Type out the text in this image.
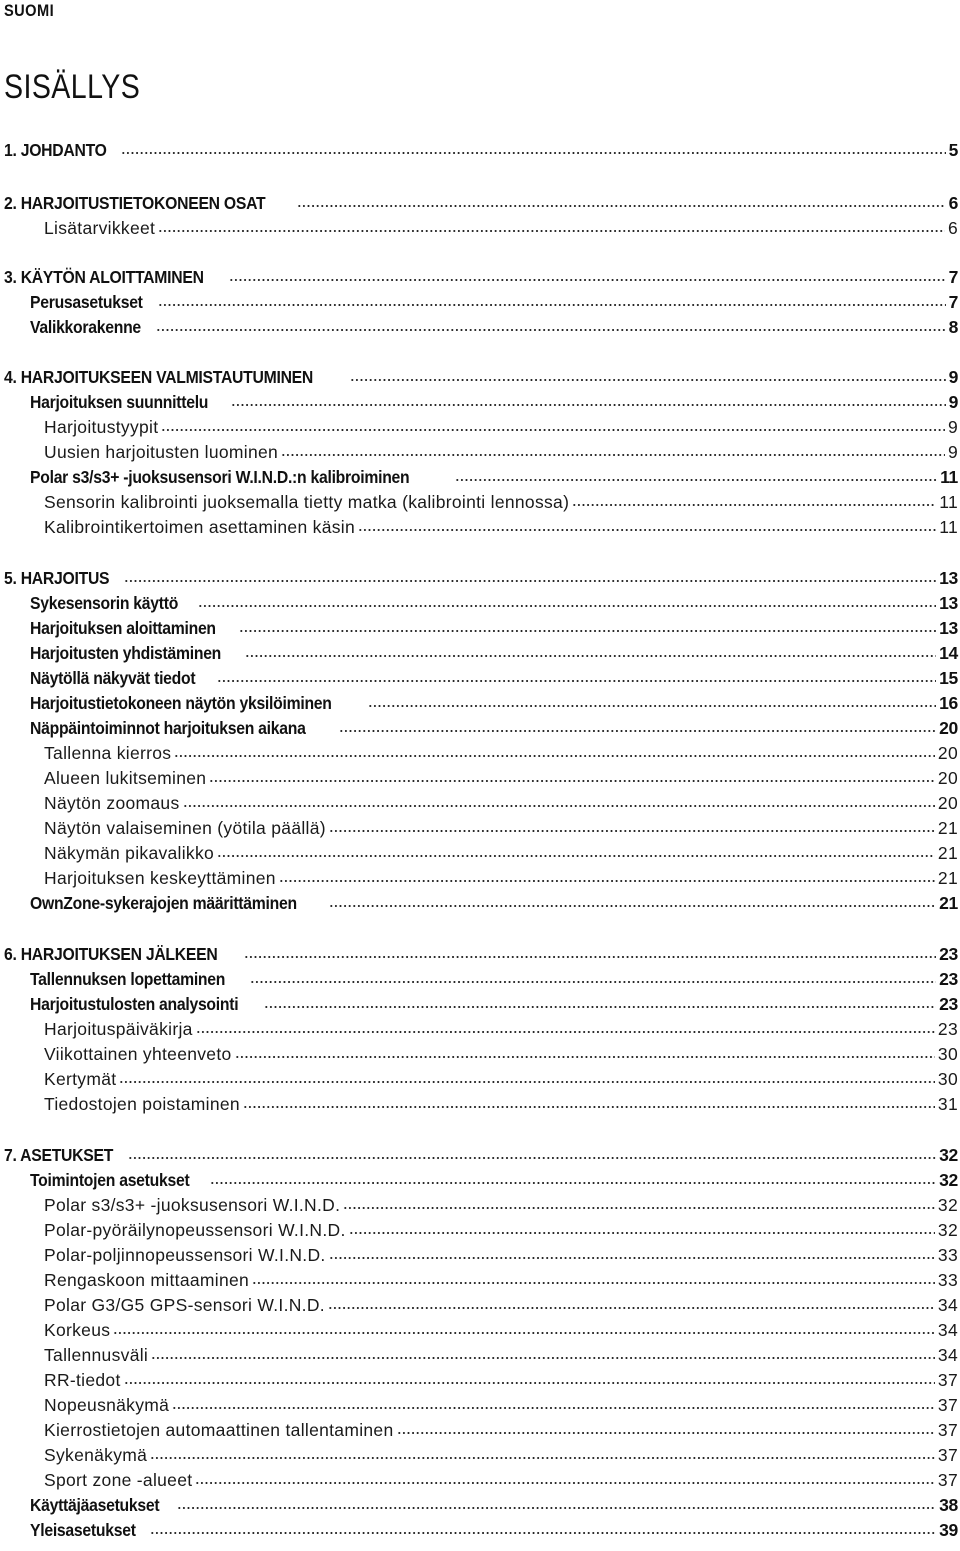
SUOMI
SISÄLLYS
1. JOHDANTO	5
2. HARJOITUSTIETOKONEEN OSAT	6
Lisätarvikkeet	6
3. KÄYTÖN ALOITTAMINEN	7
Perusasetukset	7
Valikkorakenne	8
4. HARJOITUKSEEN VALMISTAUTUMINEN	9
Harjoituksen suunnittelu	9
Harjoitustyypit	9
Uusien harjoitusten luominen	9
Polar s3/s3+ -juoksusensori W.I.N.D.:n kalibroiminen	11
Sensorin kalibrointi juoksemalla tietty matka (kalibrointi lennossa)	11
Kalibrointikertoimen asettaminen käsin	11
5. HARJOITUS	13
Sykesensorin käyttö	13
Harjoituksen aloittaminen	13
Harjoitusten yhdistäminen	14
Näytöllä näkyvät tiedot	15
Harjoitustietokoneen näytön yksilöiminen	16
Näppäintoiminnot harjoituksen aikana	20
Tallenna kierros	20
Alueen lukitseminen	20
Näytön zoomaus	20
Näytön valaiseminen (yötila päällä)	21
Näkymän pikavalikko	21
Harjoituksen keskeyttäminen	21
OwnZone-sykerajojen määrittäminen	21
6. HARJOITUKSEN JÄLKEEN	23
Tallennuksen lopettaminen	23
Harjoitustulosten analysointi	23
Harjoituspäiväkirja	23
Viikottainen yhteenveto	30
Kertymät	30
Tiedostojen poistaminen	31
7. ASETUKSET	32
Toimintojen asetukset	32
Polar s3/s3+ -juoksusensori W.I.N.D.	32
Polar-pyöräilynopeussensori W.I.N.D.	32
Polar-poljinnopeussensori W.I.N.D.	33
Rengaskoon mittaaminen	33
Polar G3/G5 GPS-sensori W.I.N.D.	34
Korkeus	34
Tallennusväli	34
RR-tiedot	37
Nopeusnäkymä	37
Kierrostietojen automaattinen tallentaminen	37
Sykenäkymä	37
Sport zone -alueet	37
Käyttäjäasetukset	38
Yleisasetukset	39
